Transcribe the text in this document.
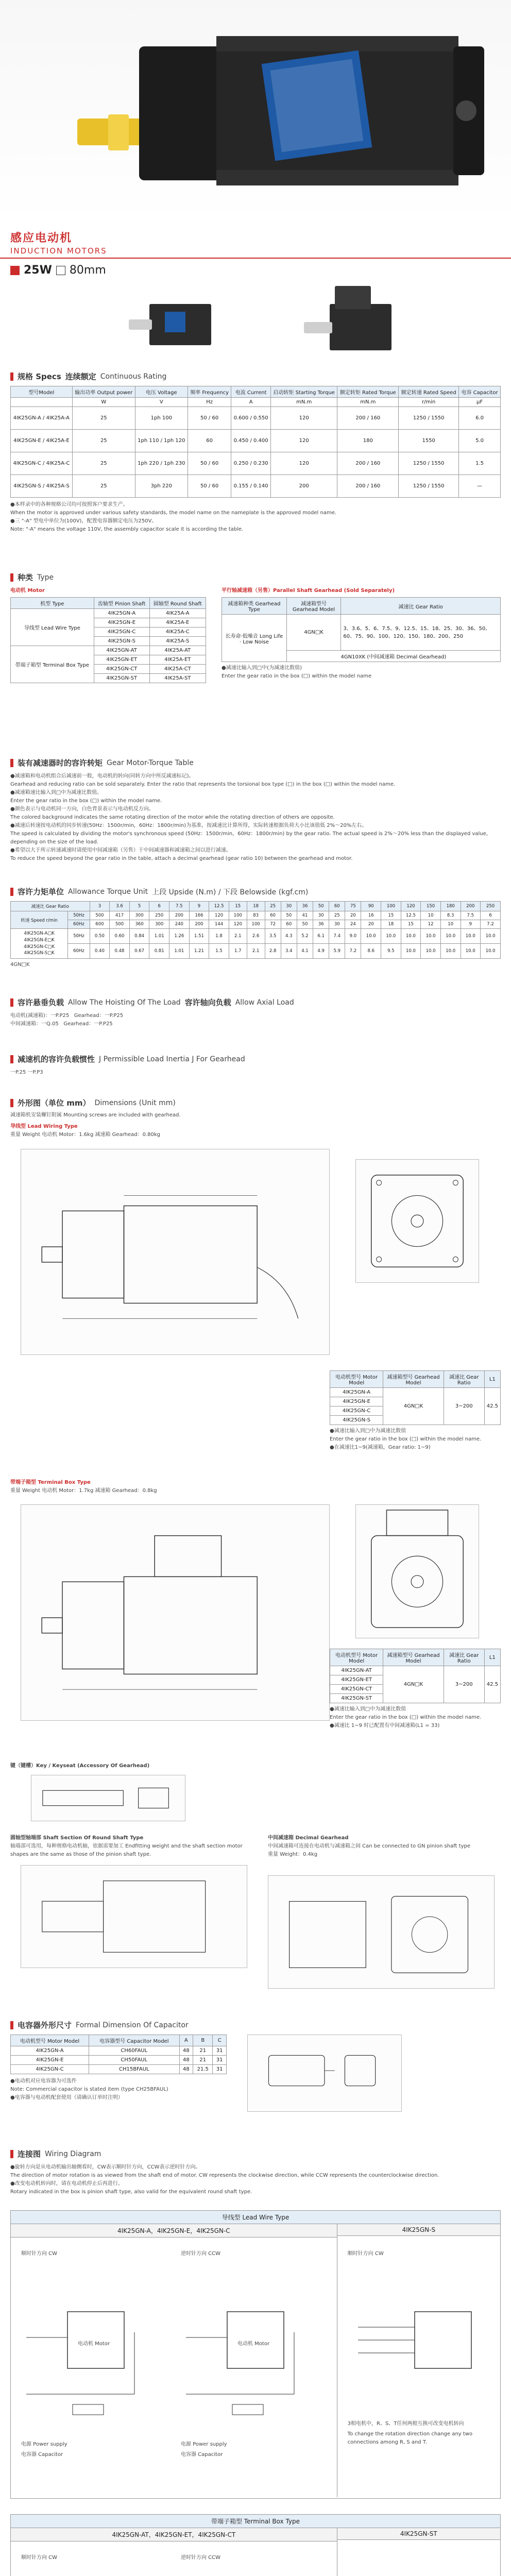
感应电动机
INDUCTION MOTORS
25W 80mm
规格 Specs 连续额定 Continuous Rating
型号Model	输出功率 Output power	电压 Voltage	频率 Frequency	电流 Current	启动转矩 Starting Torque	额定转矩 Rated Torque	额定转速 Rated Speed	电容 Capacitor
	W	V	Hz	A	mN.m	mN.m	r/min	μF
4IK25GN-A / 4IK25A-A	25	1ph 100	50 / 60	0.600 / 0.550	120	200 / 160	1250 / 1550	6.0
4IK25GN-E / 4IK25A-E	25	1ph 110 / 1ph 120	60	0.450 / 0.400	120	180	1550	5.0
4IK25GN-C / 4IK25A-C	25	1ph 220 / 1ph 230	50 / 60	0.250 / 0.230	120	200 / 160	1250 / 1550	1.5
4IK25GN-S / 4IK25A-S	25	3ph 220	50 / 60	0.155 / 0.140	200	200 / 160	1250 / 1550	—
●本样录中的各种规格公司均可按照客户要求生产。
When the motor is approved under various safety standards, the model name on the nameplate is the approved model name.
●三 "-A" 型电中单位为(100V)，配置电容器额定电压为250V。
Note: "-A" means the voltage 110V, the assembly capacitor scale it is according the table.
种类 Type
电动机 Motor
机型 Type	齿轴型 Pinion Shaft	圆轴型 Round Shaft
导线型 Lead Wire Type	4IK25GN-A	4IK25A-A
	4IK25GN-E	4IK25A-E
	4IK25GN-C	4IK25A-C
	4IK25GN-S	4IK25A-S
带端子箱型 Terminal Box Type	4IK25GN-AT	4IK25A-AT
	4IK25GN-ET	4IK25A-ET
	4IK25GN-CT	4IK25A-CT
	4IK25GN-ST	4IK25A-ST
平行轴减速箱（另售）Parallel Shaft Gearhead (Sold Separately)
减速箱种类 Gearhead Type	减速箱型号 Gearhead Model	减速比 Gear Ratio
长寿命·低噪音 Long Life · Low Noise	4GN□K	3、3.6、5、6、7.5、9、12.5、15、18、25、30、36、50、60、75、90、100、120、150、180、200、250
	4GN10XK (中间减速箱 Decimal Gearhead)	
●减速比输入到□中(为减速比数值)
Enter the gear ratio in the box (□) within the model name
装有减速器时的容许转矩 Gear Motor-Torque Table
●减速箱和电动机组合后减速前一般，电动机的转向(同转方向中所反减速标记)。
Gearhead and reducing ratio can be sold separately. Enter the ratio that represents the torsional box type (□) in the box (□) within the model name.
●减速箱速比输入到□中为减速比数值。
Enter the gear ratio in the box (□) within the model name.
●颜色表示与电动机同一方向，白色背景表示与电动机反方向。
The colored background indicates the same rotating direction of the motor while the rotating direction of others are opposite.
●减速后转速按电动机的同步转速(50Hz：1500r/min，60Hz：1800r/min)为基准，按减速比计算所得，实际转速根据负荷大小比该值低 2%～20%左右。
The speed is calculated by dividing the motor's synchronous speed (50Hz：1500r/min，60Hz：1800r/min) by the gear ratio. The actual speed is 2%～20% less than the displayed value, depending on the size of the load.
●希望以大于所示转速减速时请使用中间减速箱（另售）于中间减速器和减速箱之间以进行减速。
To reduce the speed beyond the gear ratio in the table, attach a decimal gearhead (gear ratio 10) between the gearhead and motor.
容许力矩单位 Allowance Torque Unit 上段 Upside (N.m) / 下段 Belowside (kgf.cm)
减速比 Gear Ratio		3	3.6	5	6	7.5	9	12.5	15	18	25	30	36	50	60	75	90	100	120	150	180	200	250
转速 Speed r/min	50Hz	500	417	300	250	200	166	120	100	83	60	50	41	30	25	20	16	15	12.5	10	8.3	7.5	6
	60Hz	600	500	360	300	240	200	144	120	100	72	60	50	36	30	24	20	18	15	12	10	9	7.2

4IK25GN-A□K
4IK25GN-E□K
4IK25GN-C□K
4IK25GN-S□K	50Hz	0.50	0.60	0.84	1.01	1.26	1.51	1.8	2.1	2.6	3.5	4.3	5.2	6.1	7.4	9.0	10.0	10.0	10.0	10.0	10.0	10.0	10.0
	60Hz	0.40	0.48	0.67	0.81	1.01	1.21	1.5	1.7	2.1	2.8	3.4	4.1	4.9	5.9	7.2	8.6	9.5	10.0	10.0	10.0	10.0	10.0
4GN□K
容许悬垂负载 Allow The Hoisting Of The Load 容许轴向负载 Allow Axial Load
电动机(减速箱)：一P.P25 Gearhead：一P.P25
中间减速箱：一Q.05 Gearhead：一P.P25
减速机的容许负载惯性 J Permissible Load Inertia J For Gearhead
一P.25 一P.P3
外形图（单位 mm） Dimensions (Unit mm)
减速箱机安装螺钉附属 Mounting screws are included with gearhead.
导线型 Lead Wiring Type
重量 Weight 电动机 Motor：1.6kg 减速箱 Gearhead：0.80kg
电动机型号 Motor Model	减速箱型号 Gearhead Model	减速比 Gear Ratio	L1
4IK25GN-A	4GN□K	3~200	42.5
4IK25GN-E			
4IK25GN-C			
4IK25GN-S			
●减速比输入到□中为减速比数值
Enter the gear ratio in the box (□) within the model name.
●在减速比1~9(减速箱，Gear ratio: 1~9)
带端子箱型 Terminal Box Type
重量 Weight 电动机 Motor：1.7kg 减速箱 Gearhead：0.8kg
电动机型号 Motor Model	减速箱型号 Gearhead Model	减速比 Gear Ratio	L1
4IK25GN-AT	4GN□K	3~200	42.5
4IK25GN-ET			
4IK25GN-CT			
4IK25GN-ST			
●减速比输入到□中为减速比数值
Enter the gear ratio in the box (□) within the model name.
●减速比 1~9 时已配置有中间减速箱(L1 = 33)
键（键槽）Key / Keyseat (Accessory Of Gearhead)
圆轴型轴端部 Shaft Section Of Round Shaft Type
轴端部可选用，每种规格电动机轴，依据需要加工 Endfitting weight and the shaft section motor shapes are the same as those of the pinion shaft type.
中间减速箱 Decimal Gearhead
中间减速箱可连接在电动机与减速箱之间 Can be connected to GN pinion shaft type
重量 Weight：0.4kg
电容器外形尺寸 Formal Dimension Of Capacitor
电动机型号 Motor Model	电容器型号 Capacitor Model	A	B	C
4IK25GN-A	CH60FAUL	48	21	31
4IK25GN-E	CH50FAUL	48	21	31
4IK25GN-C	CH15BFAUL	48	21.5	31
●电动机对应电容器为可选件
Note: Commercial capacitor is stated item (type CH25BFAUL)
●电容器与电动机配套使用（请确认订单时注明）
连接图 Wiring Diagram
●旋转方向是从电动机输出轴侧看时，CW表示顺时针方向，CCW表示逆时针方向。
The direction of motor rotation is as viewed from the shaft end of motor. CW represents the clockwise direction, while CCW represents the counterclockwise direction.
●改变电动机转向时，请在电动机停止后再进行。
Rotary indicated in the box is pinion shaft type, also valid for the equivalent round shaft type.
导线型 Lead Wire Type
4IK25GN-A，4IK25GN-E，4IK25GN-C
顺时针方向 CW	逆时针方向 CCW
电动机 Motor	电动机 Motor
电源 Power supply
电容器 Capacitor
电源 Power supply
电容器 Capacitor
4IK25GN-S
顺时针方向 CW
3相电机中，R、S、T任何两根互换可改变电机转向
To change the rotation direction change any two connections among R, S and T.
带端子箱型 Terminal Box Type
4IK25GN-AT，4IK25GN-ET，4IK25GN-CT
顺时针方向 CW	逆时针方向 CCW
4IK25GN-ST
